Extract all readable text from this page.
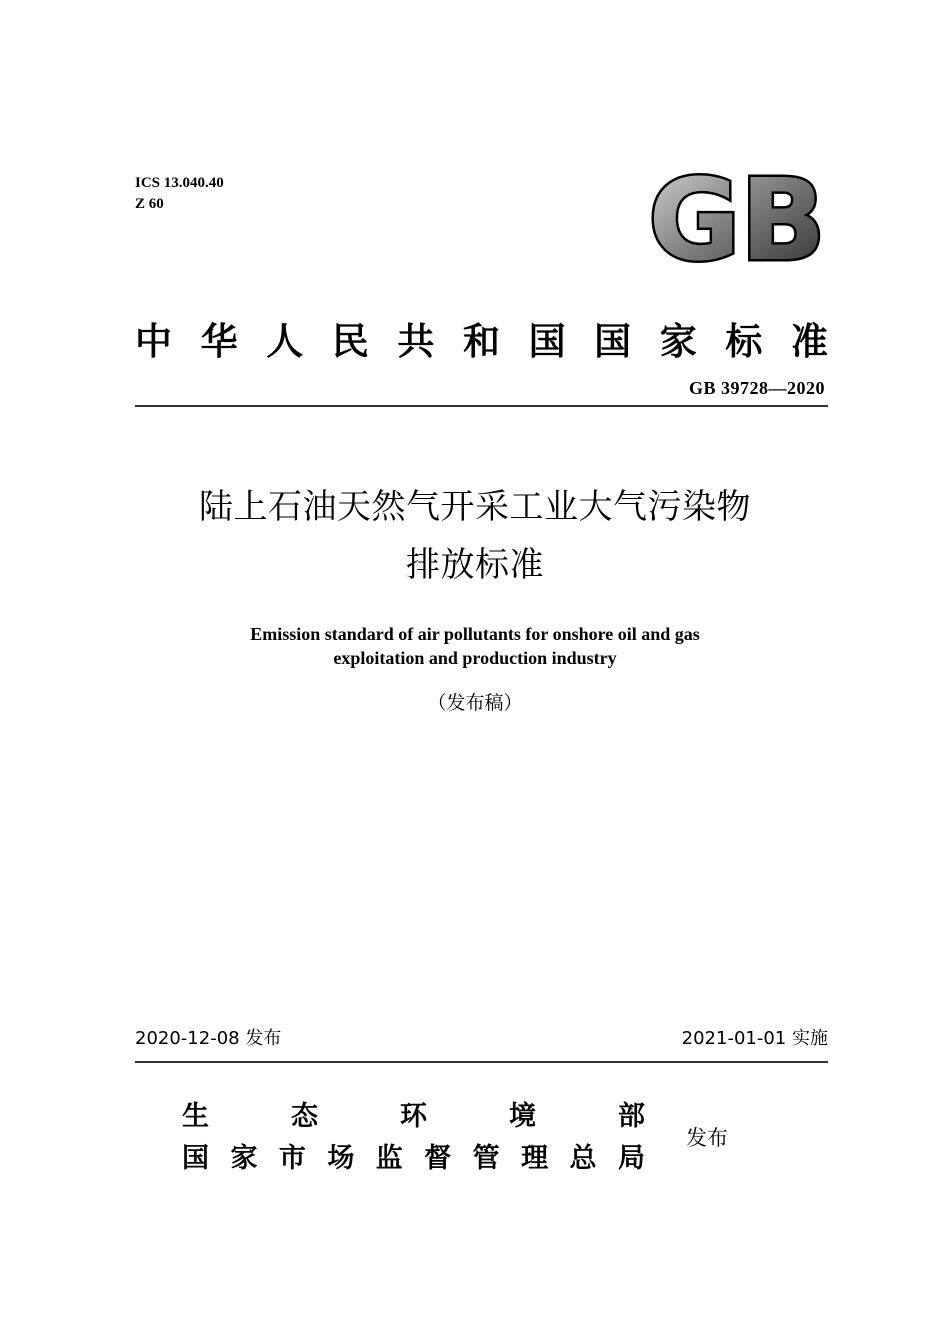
ICS 13.040.40
Z 60	GB
中 华 人 民 共 和 国 国 家 标 准
GB 39728—2020
陆上石油天然气开采工业大气污染物
排放标准
Emission standard of air pollutants for onshore oil and gas
exploitation and production industry
（发布稿）
2020-12-08 发布	2021-01-01 实施
生	态	环	境	部
国 家 市 场 监 督 管 理 总 局
发布
